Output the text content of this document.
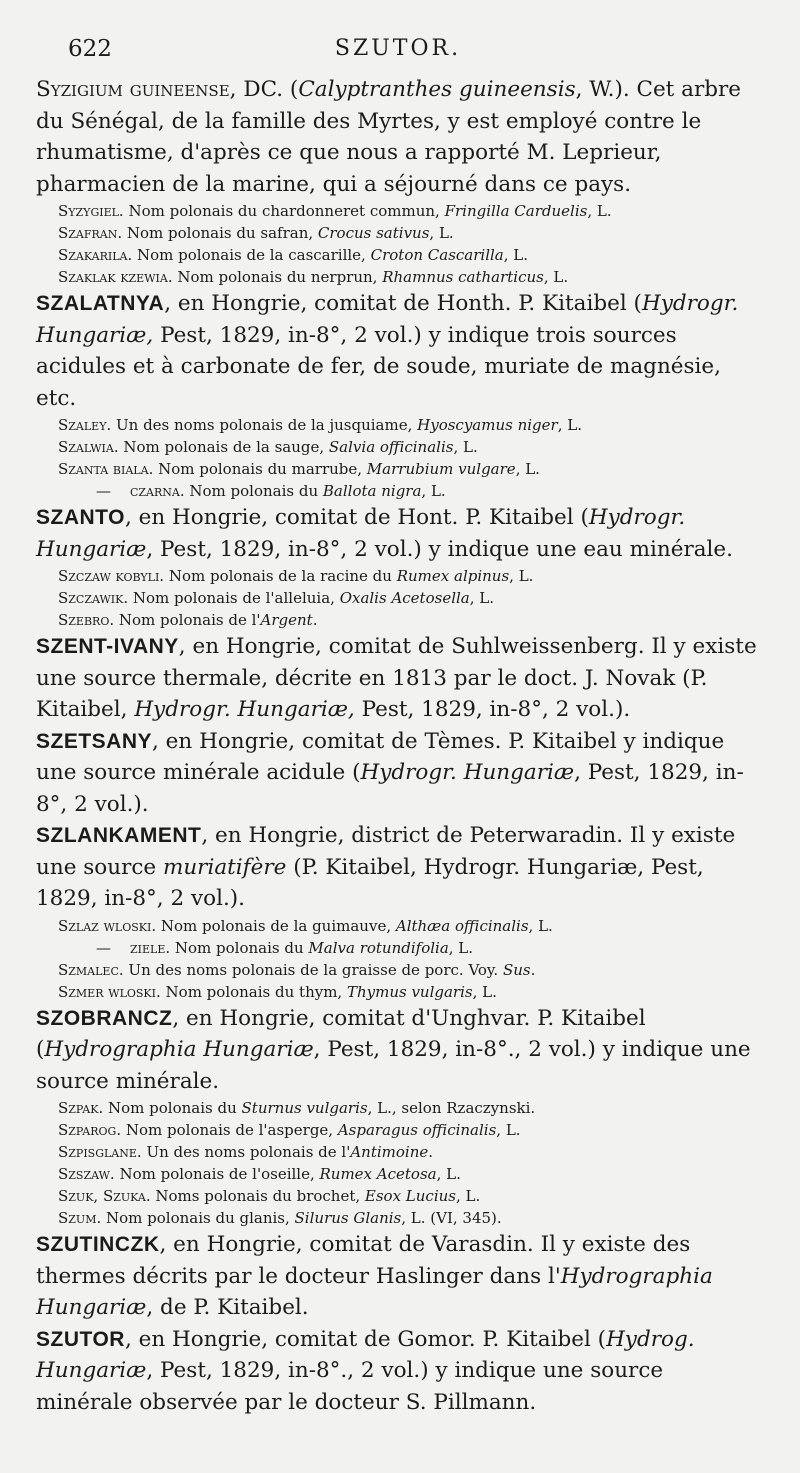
622	SZUTOR.

Syzigium guineense, DC. (Calyptranthes guineensis, W.). Cet arbre du Sénégal, de la famille des Myrtes, y est employé contre le rhumatisme, d'après ce que nous a rapporté M. Leprieur, pharmacien de la marine, qui a séjourné dans ce pays.

Syzygiel. Nom polonais du chardonneret commun, Fringilla Carduelis, L.

Szafran. Nom polonais du safran, Crocus sativus, L.

Szakarila. Nom polonais de la cascarille, Croton Cascarilla, L.

Szaklak kzewia. Nom polonais du nerprun, Rhamnus catharticus, L.

SZALATNYA, en Hongrie, comitat de Honth. P. Kitaibel (Hydrogr. Hungariæ, Pest, 1829, in-8°, 2 vol.) y indique trois sources acidules et à carbonate de fer, de soude, muriate de magnésie, etc.

Szaley. Un des noms polonais de la jusquiame, Hyoscyamus niger, L.

Szalwia. Nom polonais de la sauge, Salvia officinalis, L.

Szanta biala. Nom polonais du marrube, Marrubium vulgare, L.

— czarna. Nom polonais du Ballota nigra, L.

SZANTO, en Hongrie, comitat de Hont. P. Kitaibel (Hydrogr. Hungariæ, Pest, 1829, in-8°, 2 vol.) y indique une eau minérale.

Szczaw kobyli. Nom polonais de la racine du Rumex alpinus, L.

Szczawik. Nom polonais de l'alleluia, Oxalis Acetosella, L.

Szebro. Nom polonais de l'Argent.

SZENT-IVANY, en Hongrie, comitat de Suhlweissenberg. Il y existe une source thermale, décrite en 1813 par le doct. J. Novak (P. Kitaibel, Hydrogr. Hungariæ, Pest, 1829, in-8°, 2 vol.).

SZETSANY, en Hongrie, comitat de Tèmes. P. Kitaibel y indique une source minérale acidule (Hydrogr. Hungariæ, Pest, 1829, in-8°, 2 vol.).

SZLANKAMENT, en Hongrie, district de Peterwaradin. Il y existe une source muriatifère (P. Kitaibel, Hydrogr. Hungariæ, Pest, 1829, in-8°, 2 vol.).

Szlaz wloski. Nom polonais de la guimauve, Althæa officinalis, L.

— ziele. Nom polonais du Malva rotundifolia, L.

Szmalec. Un des noms polonais de la graisse de porc. Voy. Sus.

Szmer wloski. Nom polonais du thym, Thymus vulgaris, L.

SZOBRANCZ, en Hongrie, comitat d'Unghvar. P. Kitaibel (Hydrographia Hungariæ, Pest, 1829, in-8°., 2 vol.) y indique une source minérale.

Szpak. Nom polonais du Sturnus vulgaris, L., selon Rzaczynski.

Szparog. Nom polonais de l'asperge, Asparagus officinalis, L.

Szpisglane. Un des noms polonais de l'Antimoine.

Szszaw. Nom polonais de l'oseille, Rumex Acetosa, L.

Szuk, Szuka. Noms polonais du brochet, Esox Lucius, L.

Szum. Nom polonais du glanis, Silurus Glanis, L. (VI, 345).

SZUTINCZK, en Hongrie, comitat de Varasdin. Il y existe des thermes décrits par le docteur Haslinger dans l'Hydrographia Hungariæ, de P. Kitaibel.

SZUTOR, en Hongrie, comitat de Gomor. P. Kitaibel (Hydrog. Hungariæ, Pest, 1829, in-8°., 2 vol.) y indique une source minérale observée par le docteur S. Pillmann.
